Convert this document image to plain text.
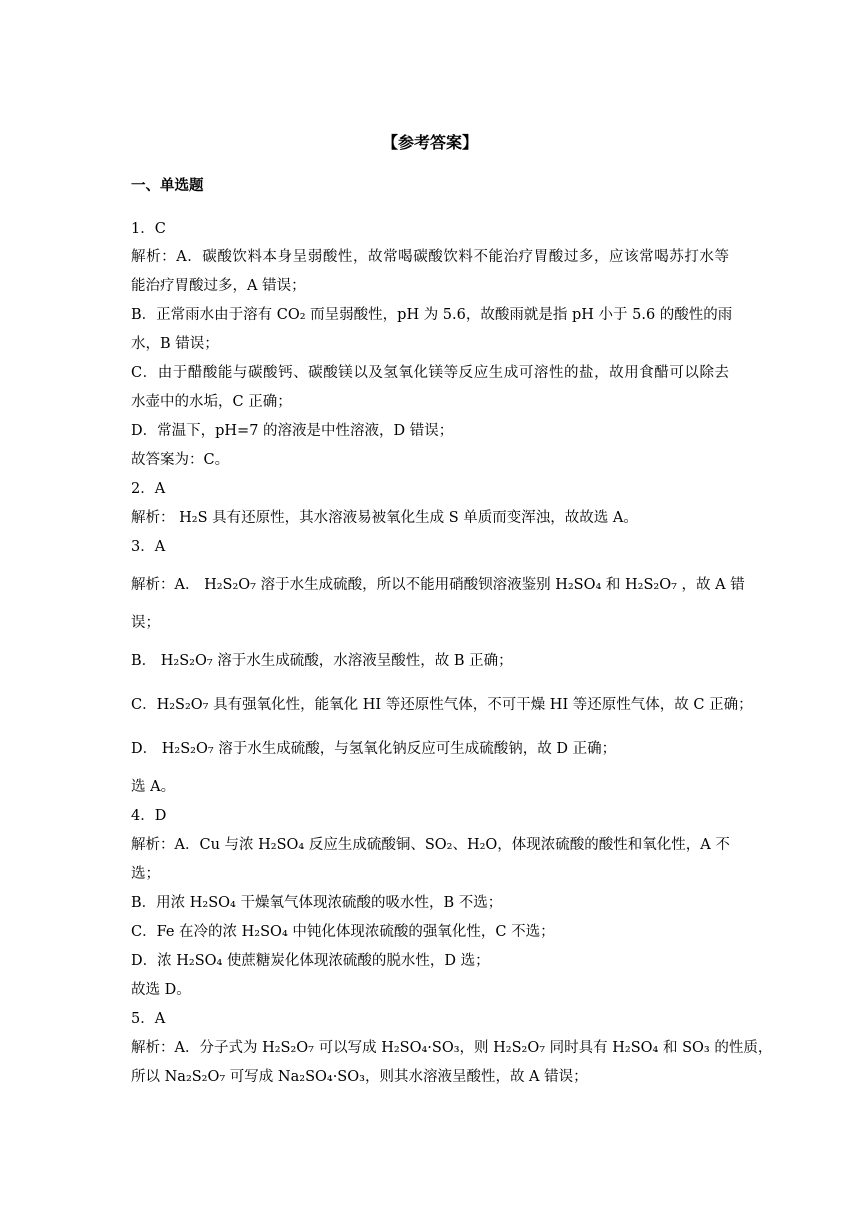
【参考答案】
一、单选题
1．C
解析：A．碳酸饮料本身呈弱酸性，故常喝碳酸饮料不能治疗胃酸过多，应该常喝苏打水等
能治疗胃酸过多，A 错误；
B．正常雨水由于溶有 CO₂ 而呈弱酸性，pH 为 5.6，故酸雨就是指 pH 小于 5.6 的酸性的雨
水，B 错误；
C．由于醋酸能与碳酸钙、碳酸镁以及氢氧化镁等反应生成可溶性的盐，故用食醋可以除去
水壶中的水垢，C 正确；
D．常温下，pH=7 的溶液是中性溶液，D 错误；
故答案为：C。
2．A
解析： H₂S 具有还原性，其水溶液易被氧化生成 S 单质而变浑浊，故故选 A。
3．A
解析：A． H₂S₂O₇ 溶于水生成硫酸，所以不能用硝酸钡溶液鉴别 H₂SO₄ 和 H₂S₂O₇ ，故 A 错
误；
B． H₂S₂O₇ 溶于水生成硫酸，水溶液呈酸性，故 B 正确；
C．H₂S₂O₇ 具有强氧化性，能氧化 HI 等还原性气体，不可干燥 HI 等还原性气体，故 C 正确；
D． H₂S₂O₇ 溶于水生成硫酸，与氢氧化钠反应可生成硫酸钠，故 D 正确；
选 A。
4．D
解析：A．Cu 与浓 H₂SO₄ 反应生成硫酸铜、SO₂、H₂O，体现浓硫酸的酸性和氧化性，A 不
选；
B．用浓 H₂SO₄ 干燥氧气体现浓硫酸的吸水性，B 不选；
C．Fe 在冷的浓 H₂SO₄ 中钝化体现浓硫酸的强氧化性，C 不选；
D．浓 H₂SO₄ 使蔗糖炭化体现浓硫酸的脱水性，D 选；
故选 D。
5．A
解析：A．分子式为 H₂S₂O₇ 可以写成 H₂SO₄·SO₃，则 H₂S₂O₇ 同时具有 H₂SO₄ 和 SO₃ 的性质，
所以 Na₂S₂O₇ 可写成 Na₂SO₄·SO₃，则其水溶液呈酸性，故 A 错误；
